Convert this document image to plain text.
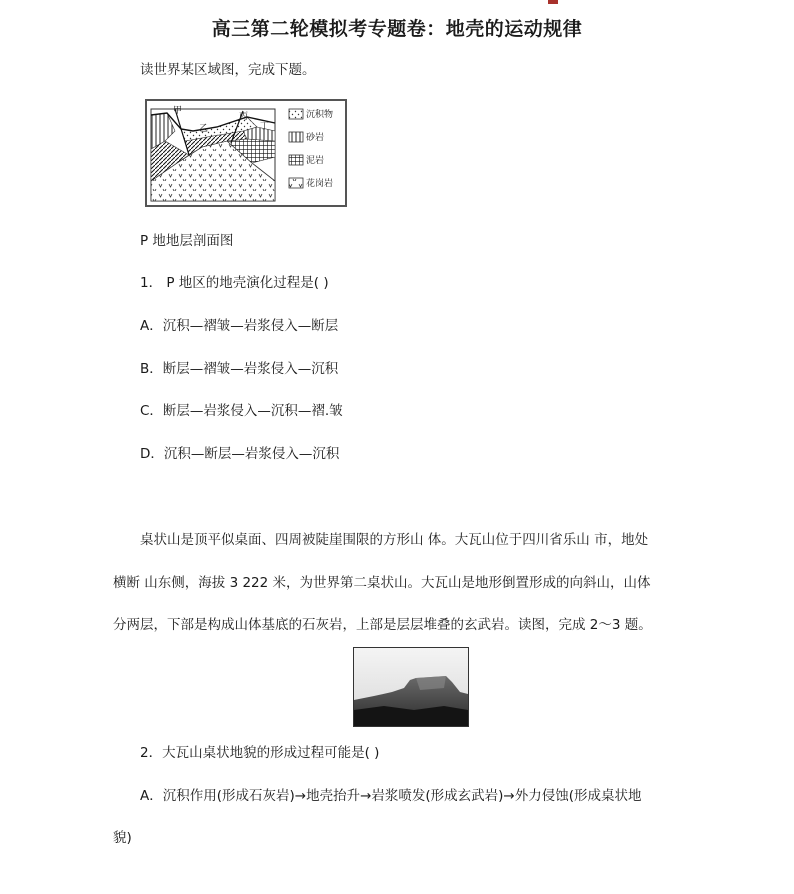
高三第二轮模拟考专题卷：地壳的运动规律
读世界某区域图，完成下题。
甲
乙
丙
丁
沉积物
砂岩
泥岩
花岗岩
P 地地层剖面图
1． P 地区的地壳演化过程是( )
A．沉积—褶皱—岩浆侵入—断层
B．断层—褶皱—岩浆侵入—沉积
C．断层—岩浆侵入—沉积—褶.皱
D．沉积—断层—岩浆侵入—沉积
桌状山是顶平似桌面、四周被陡崖围限的方形山 体。大瓦山位于四川省乐山 市，地处
横断 山东侧，海拔 3 222 米，为世界第二桌状山。大瓦山是地形倒置形成的向斜山，山体
分两层，下部是构成山体基底的石灰岩，上部是层层堆叠的玄武岩。读图，完成 2～3 题。
2．大瓦山桌状地貌的形成过程可能是( )
A．沉积作用(形成石灰岩)→地壳抬升→岩浆喷发(形成玄武岩)→外力侵蚀(形成桌状地
貌)
